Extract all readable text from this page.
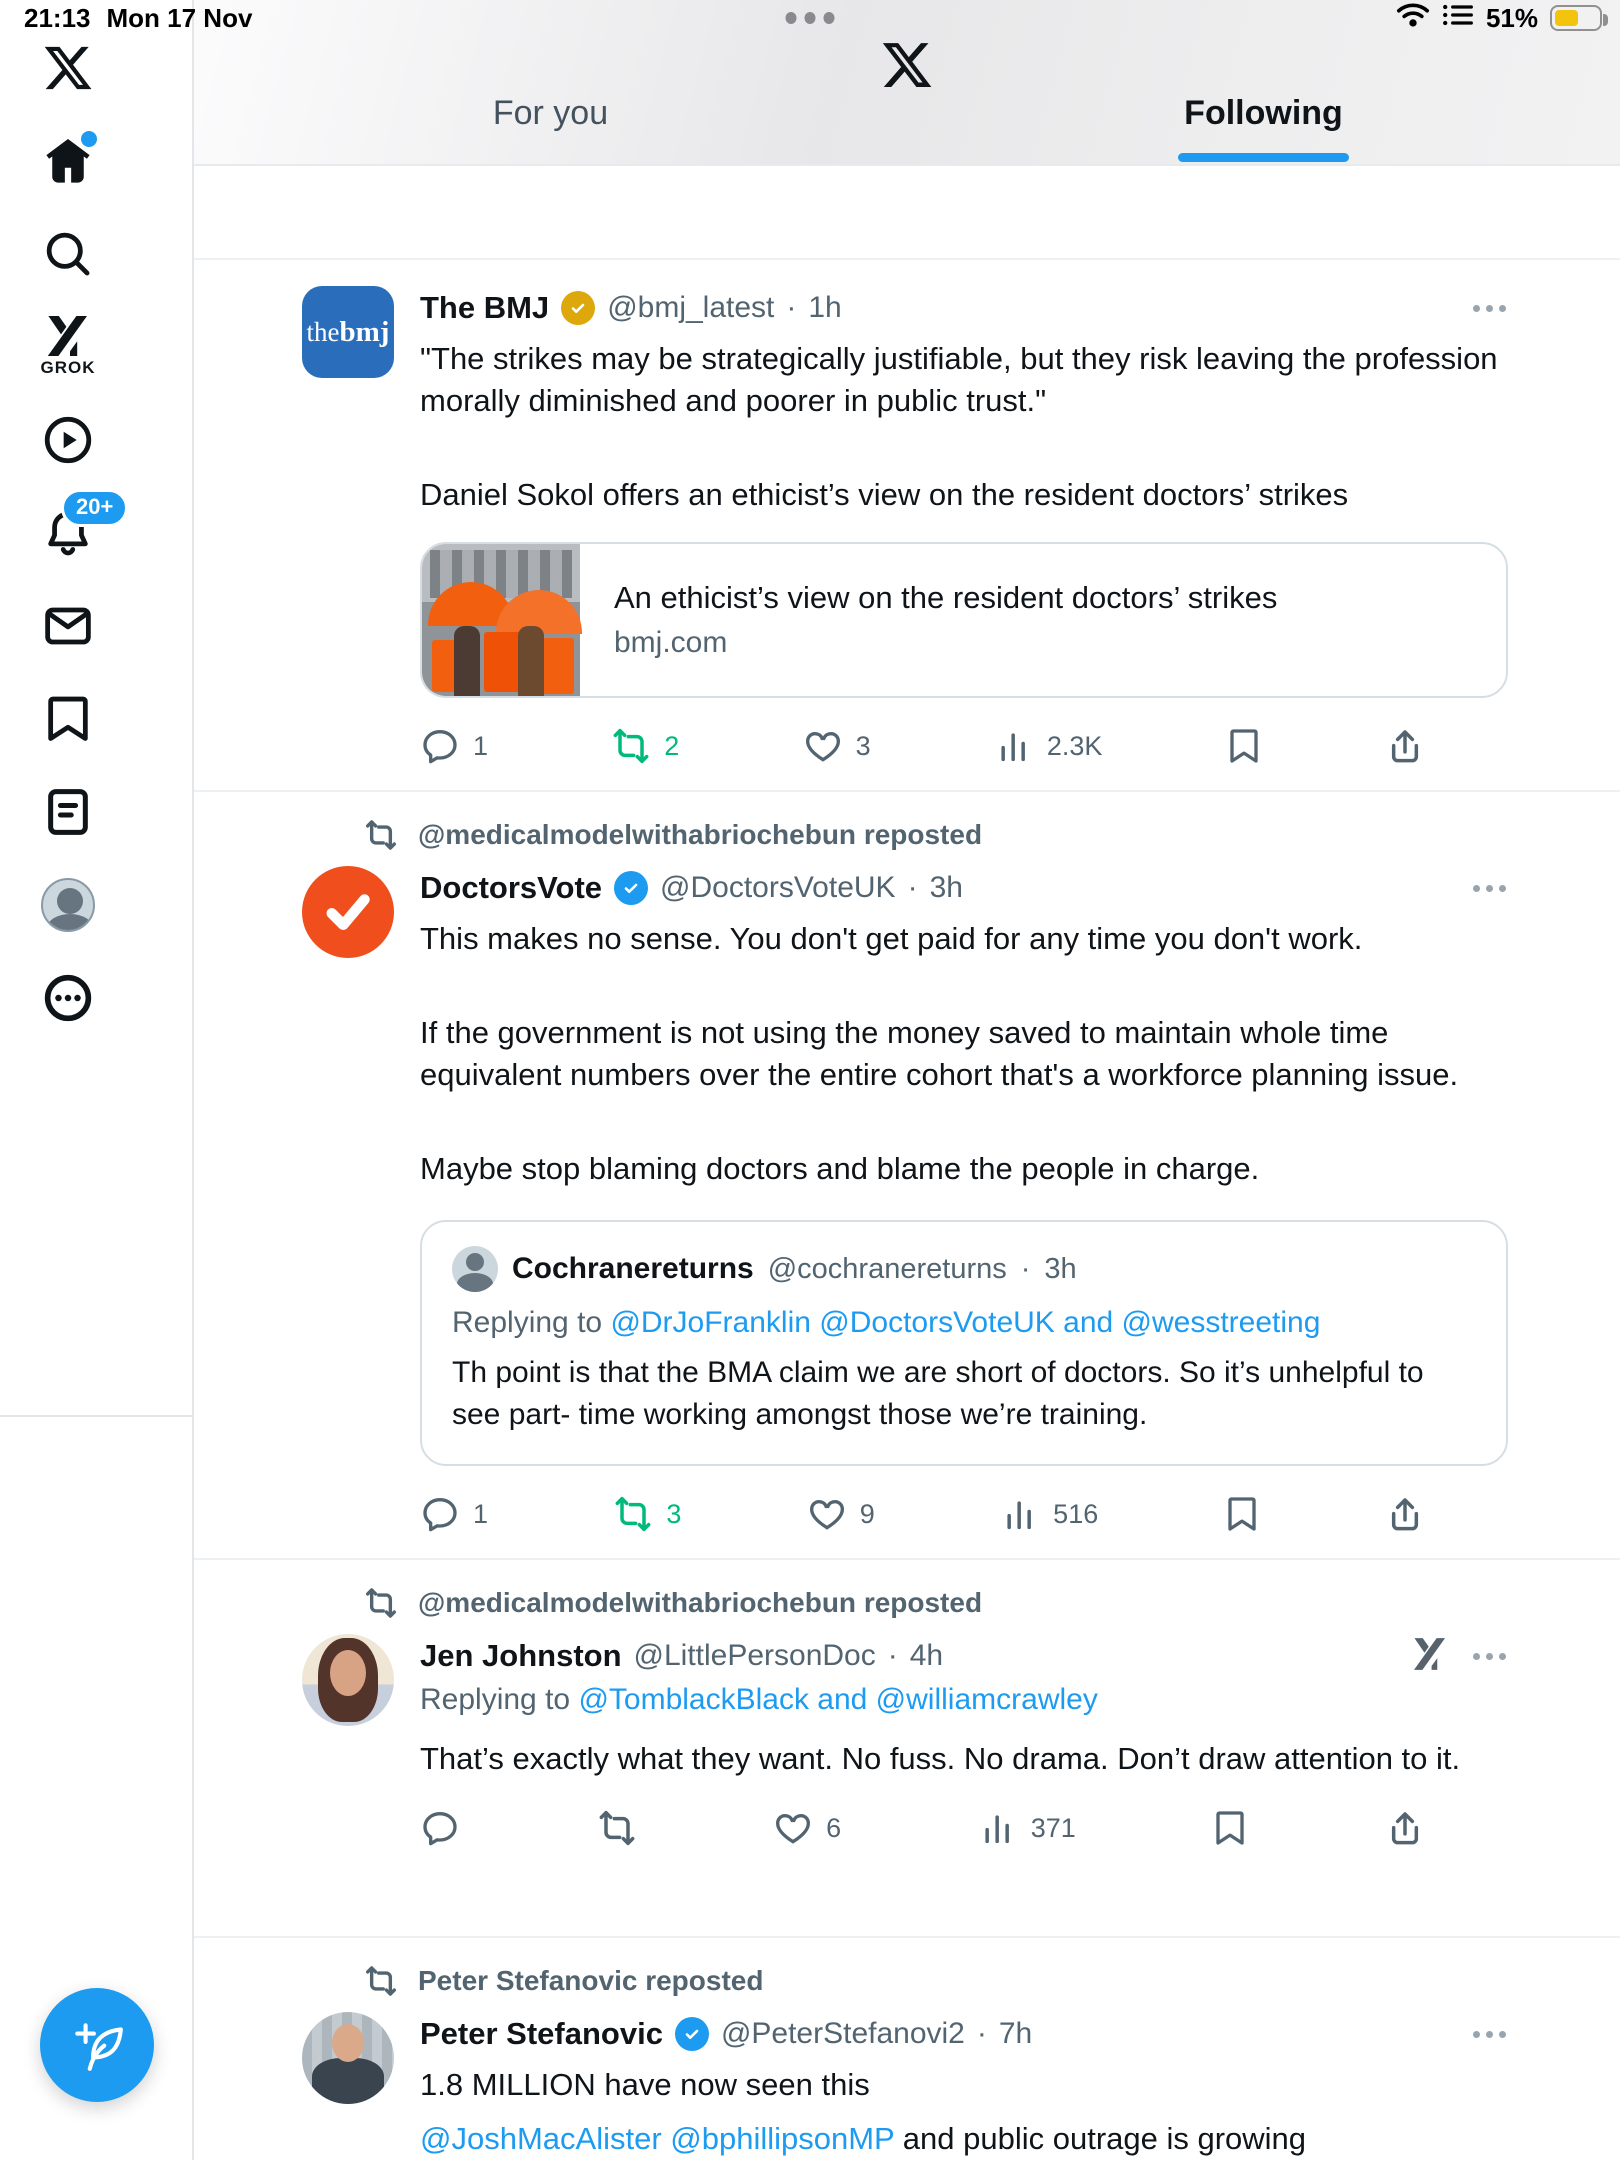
21:13 Mon 17 Nov	51%
GROK
20+
For you	Following
the bmj
The BMJ @bmj_latest · 1h

"The strikes may be strategically justifiable, but they risk leaving the profession morally diminished and poorer in public trust."

Daniel Sokol offers an ethicist’s view on the resident doctors’ strikes

An ethicist’s view on the resident doctors’ strikes
bmj.com
1	2	3	2.3K
@medicalmodelwithabriochebun reposted
DoctorsVote @DoctorsVoteUK · 3h

This makes no sense. You don't get paid for any time you don't work.

If the government is not using the money saved to maintain whole time equivalent numbers over the entire cohort that's a workforce planning issue.

Maybe stop blaming doctors and blame the people in charge.

Cochranereturns @cochranereturns · 3h
Replying to @DrJoFranklin @DoctorsVoteUK and @wesstreeting
Th point is that the BMA claim we are short of doctors. So it’s unhelpful to see part- time working amongst those we’re training.
1	3	9	516
@medicalmodelwithabriochebun reposted
Jen Johnston @LittlePersonDoc · 4h
Replying to @TomblackBlack and @williamcrawley

That’s exactly what they want. No fuss. No drama. Don’t draw attention to it.

6	371
Peter Stefanovic reposted
Peter Stefanovic @PeterStefanovi2 · 7h

1.8 MILLION have now seen this

@JoshMacAlister @bphillipsonMP and public outrage is growing
